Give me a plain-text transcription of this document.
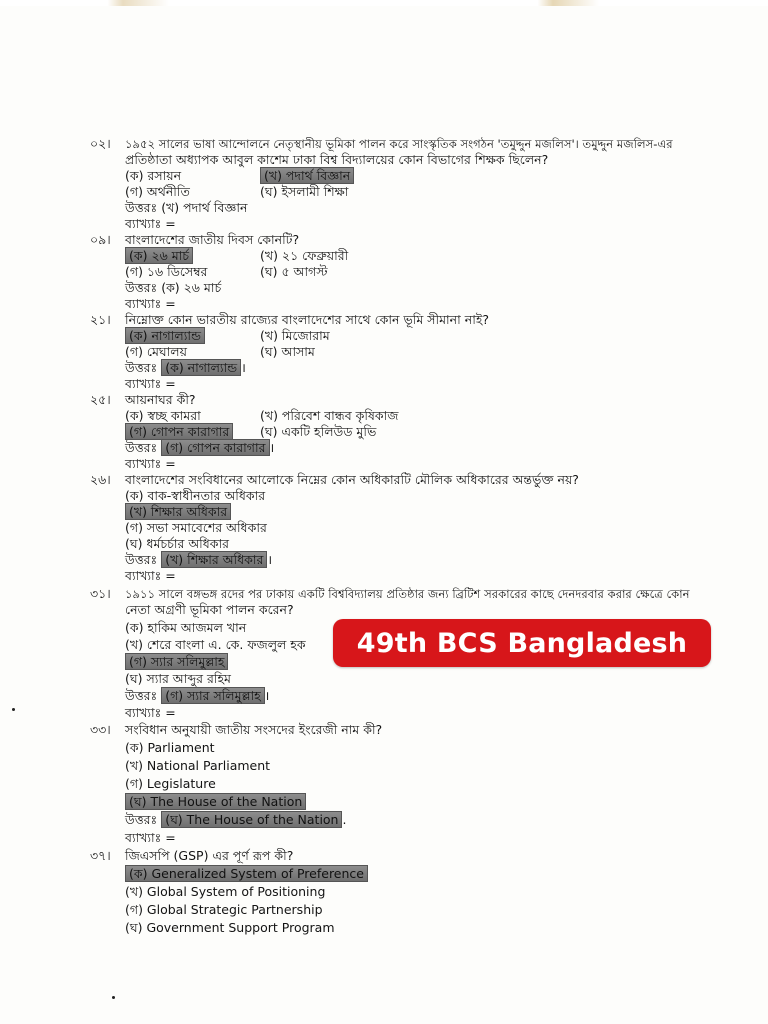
০২। ১৯৫২ সালের ভাষা আন্দোলনে নেতৃস্থানীয় ভূমিকা পালন করে সাংস্কৃতিক সংগঠন 'তমুদ্দুন মজলিস'। তমুদ্দুন মজলিস-এর
প্রতিষ্ঠাতা অধ্যাপক আবুল কাশেম ঢাকা বিশ্ব বিদ্যালয়ের কোন বিভাগের শিক্ষক ছিলেন?
(ক) রসায়ন	(খ) পদার্থ বিজ্ঞান
(গ) অর্থনীতি	(ঘ) ইসলামী শিক্ষা
উত্তরঃ (খ) পদার্থ বিজ্ঞান
ব্যাখ্যাঃ =
০৯। বাংলাদেশের জাতীয় দিবস কোনটি?
(ক) ২৬ মার্চ	(খ) ২১ ফেব্রুয়ারী
(গ) ১৬ ডিসেম্বর	(ঘ) ৫ আগস্ট
উত্তরঃ (ক) ২৬ মার্চ
ব্যাখ্যাঃ =
২১। নিম্নোক্ত কোন ভারতীয় রাজ্যের বাংলাদেশের সাথে কোন ভূমি সীমানা নাই?
(ক) নাগাল্যান্ড	(খ) মিজোরাম
(গ) মেঘালয়	(ঘ) আসাম
উত্তরঃ (ক) নাগাল্যান্ড ।
ব্যাখ্যাঃ =
২৫। আয়নাঘর কী?
(ক) স্বচ্ছ কামরা	(খ) পরিবেশ বান্ধব কৃষিকাজ
(গ) গোপন কারাগার	(ঘ) একটি হলিউড মুভি
উত্তরঃ (গ) গোপন কারাগার ।
ব্যাখ্যাঃ =
২৬। বাংলাদেশের সংবিধানের আলোকে নিম্নের কোন অধিকারটি মৌলিক অধিকারের অন্তর্ভুক্ত নয়?
(ক) বাক-স্বাধীনতার অধিকার
(খ) শিক্ষার অধিকার
(গ) সভা সমাবেশের অধিকার
(ঘ) ধর্মচর্চার অধিকার
উত্তরঃ (খ) শিক্ষার অধিকার ।
ব্যাখ্যাঃ =
৩১। ১৯১১ সালে বঙ্গভঙ্গ রদের পর ঢাকায় একটি বিশ্ববিদ্যালয় প্রতিষ্ঠার জন্য ব্রিটিশ সরকারের কাছে দেনদরবার করার ক্ষেত্রে কোন
নেতা অগ্রণী ভূমিকা পালন করেন?
(ক) হাকিম আজমল খান
(খ) শেরে বাংলা এ. কে. ফজলুল হক
(গ) স্যার সলিমুল্লাহ
(ঘ) স্যার আব্দুর রহিম
উত্তরঃ (গ) স্যার সলিমুল্লাহ ।
ব্যাখ্যাঃ =
49th BCS Bangladesh
৩৩। সংবিধান অনুযায়ী জাতীয় সংসদের ইংরেজী নাম কী?
(ক) Parliament
(খ) National Parliament
(গ) Legislature
(ঘ) The House of the Nation
উত্তরঃ (ঘ) The House of the Nation .
ব্যাখ্যাঃ =
৩৭। জিএসপি (GSP) এর পূর্ণ রূপ কী?
(ক) Generalized System of Preference
(খ) Global System of Positioning
(গ) Global Strategic Partnership
(ঘ) Government Support Program
